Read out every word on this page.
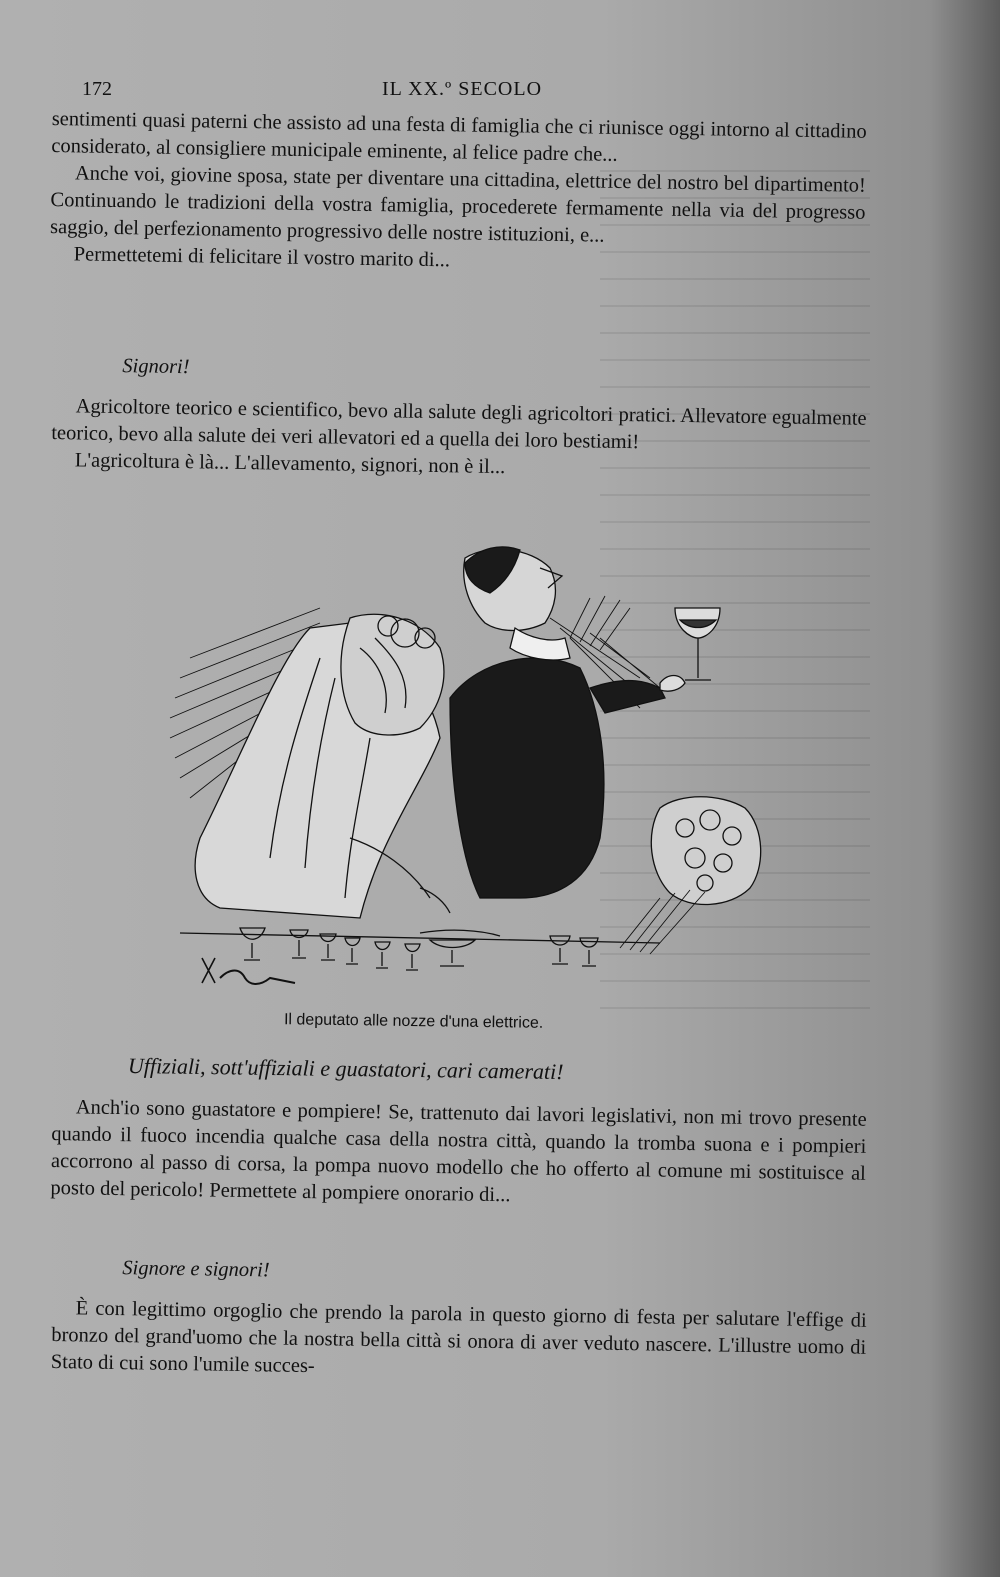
172	IL XX.º SECOLO

sentimenti quasi paterni che assisto ad una festa di famiglia che ci riunisce oggi intorno al cittadino considerato, al consigliere municipale eminente, al felice padre che...

Anche voi, giovine sposa, state per diventare una cittadina, elettrice del nostro bel dipartimento! Continuando le tradizioni della vostra famiglia, procederete fermamente nella via del progresso saggio, del perfezionamento progressivo delle nostre istituzioni, e...

Permettetemi di felicitare il vostro marito di...

Signori!

Agricoltore teorico e scientifico, bevo alla salute degli agricoltori pratici. Allevatore egualmente teorico, bevo alla salute dei veri allevatori ed a quella dei loro bestiami!

L'agricoltura è là... L'allevamento, signori, non è il...

Il deputato alle nozze d'una elettrice.
Uffiziali, sott'uffiziali e guastatori, cari camerati!

Anch'io sono guastatore e pompiere! Se, trattenuto dai lavori legislativi, non mi trovo presente quando il fuoco incendia qualche casa della nostra città, quando la tromba suona e i pompieri accorrono al passo di corsa, la pompa nuovo modello che ho offerto al comune mi sostituisce al posto del pericolo! Permettete al pompiere onorario di...

Signore e signori!

È con legittimo orgoglio che prendo la parola in questo giorno di festa per salutare l'effige di bronzo del grand'uomo che la nostra bella città si onora di aver veduto nascere. L'illustre uomo di Stato di cui sono l'umile succes-
